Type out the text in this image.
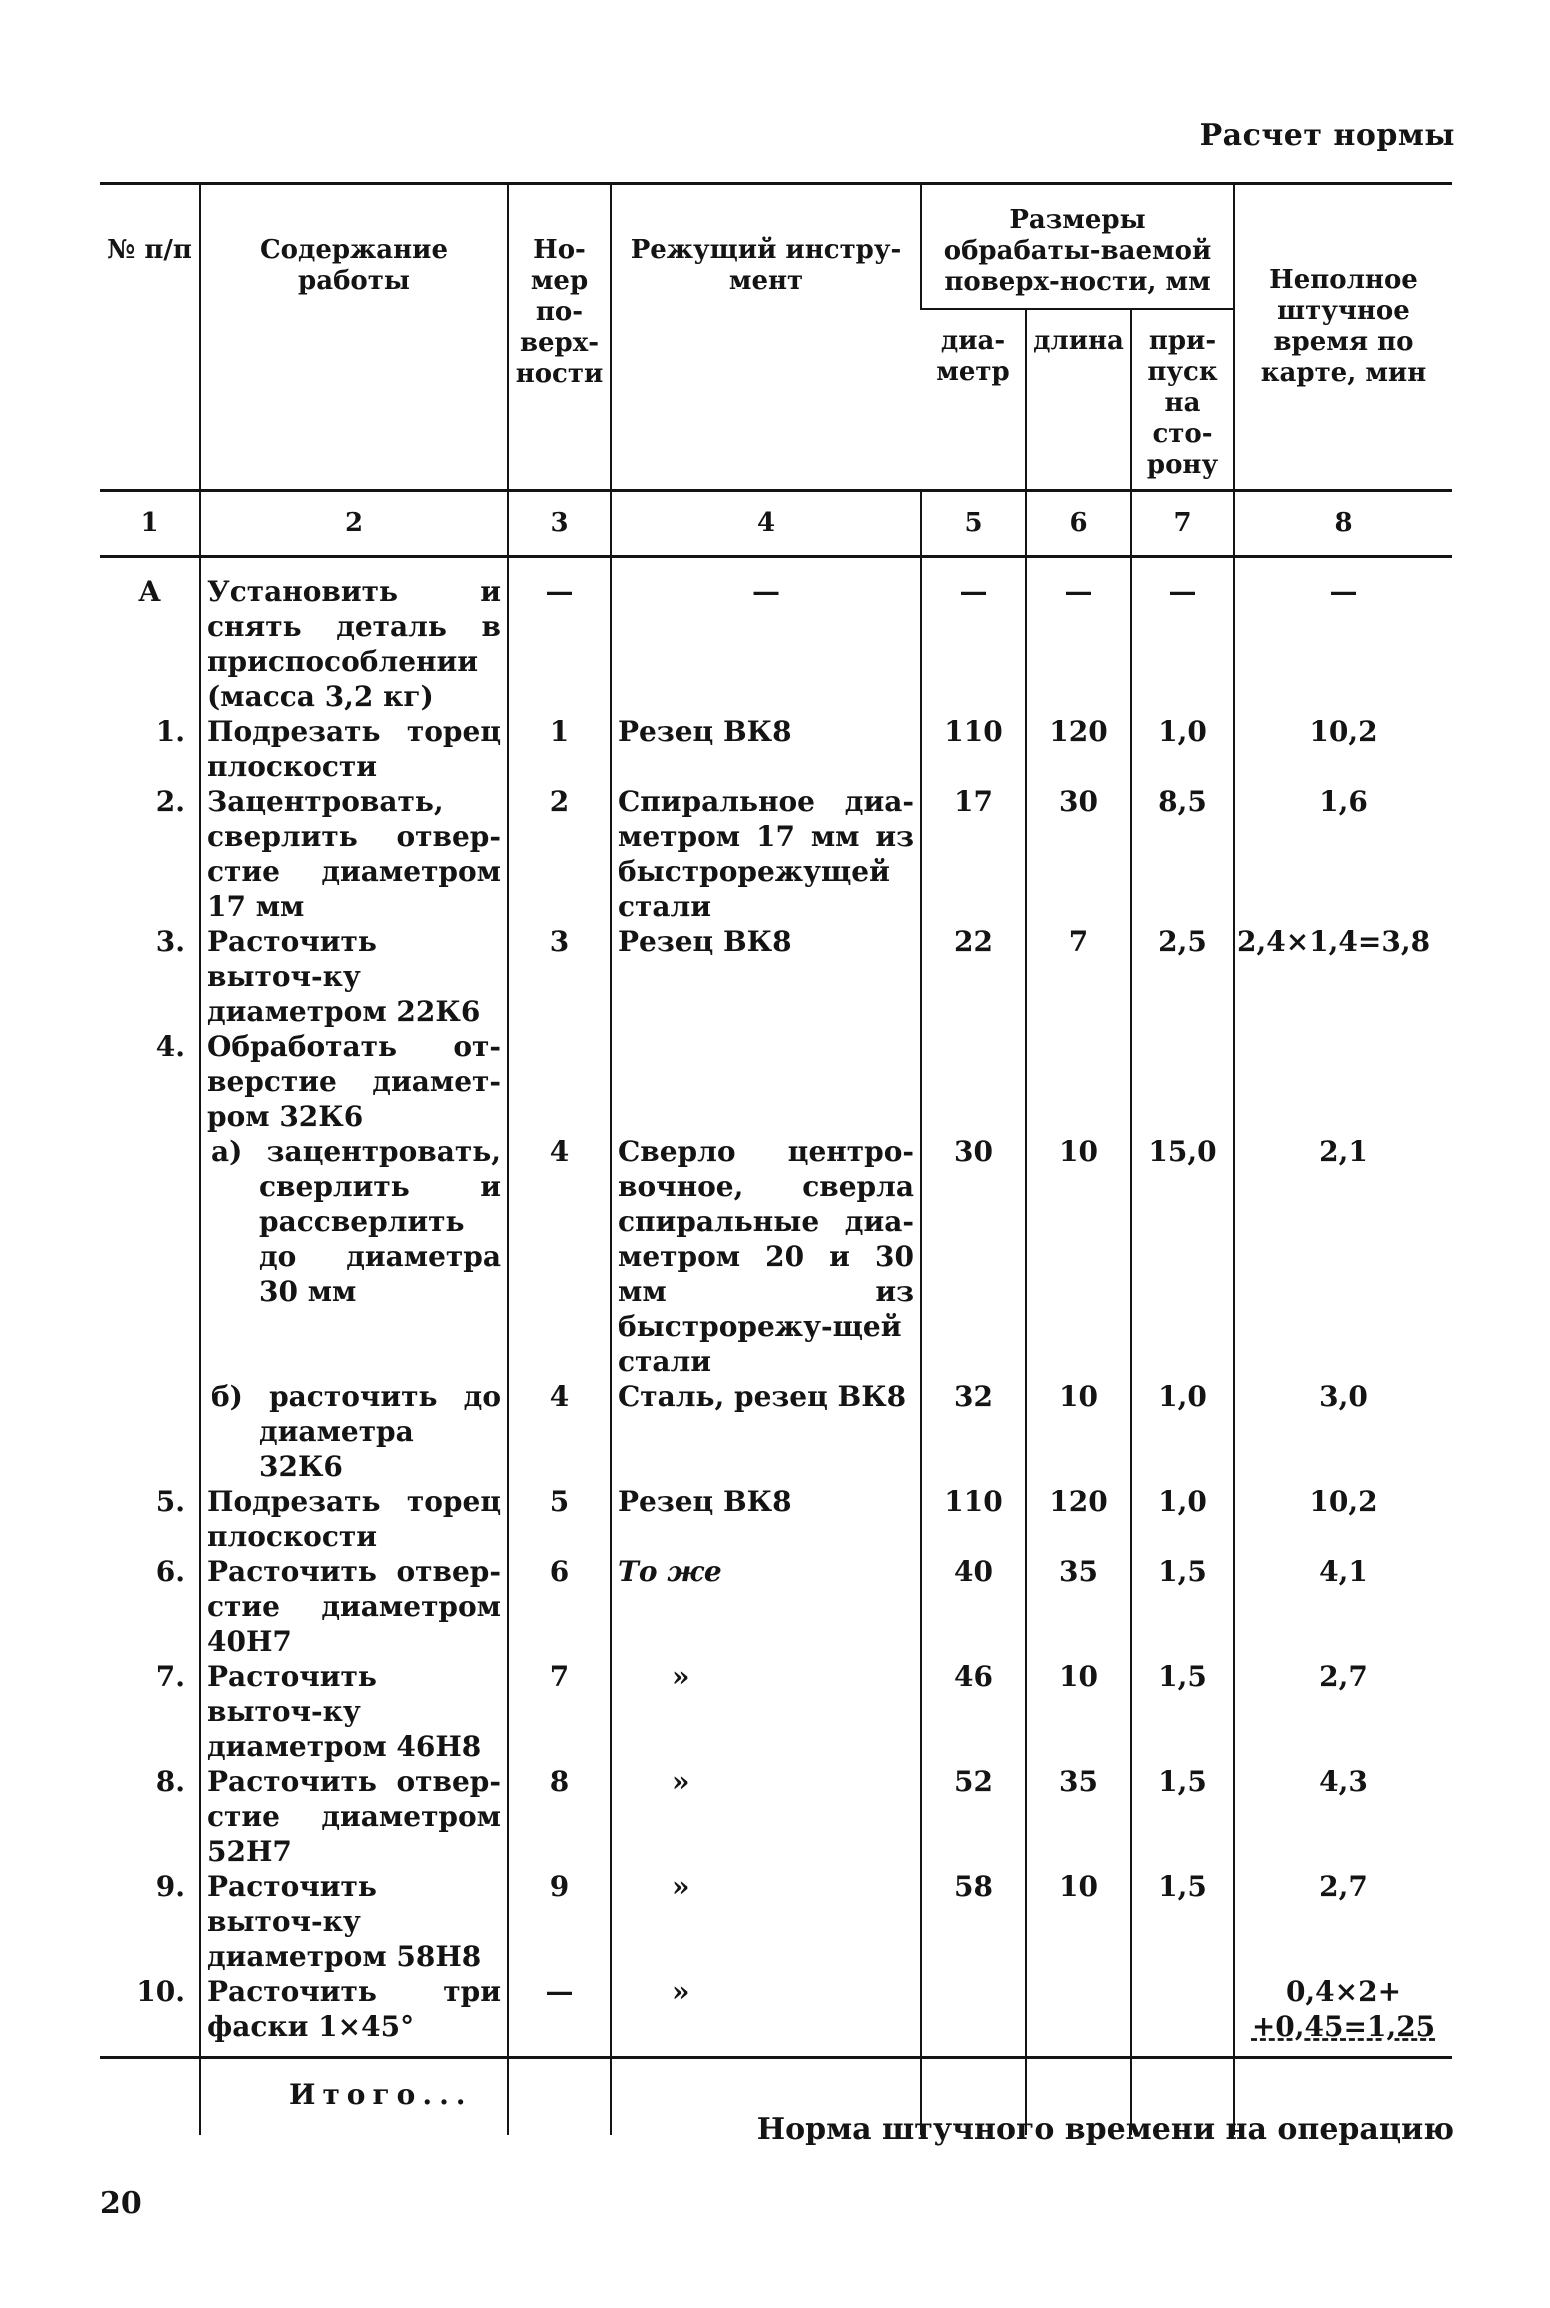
Расчет нормы
№ п/п	Содержание работы	Но-мер по-верх-ности	Режущий инстру-мент	Размеры обрабаты-ваемой поверх-ности, мм			Неполное штучное время по карте, мин
				диа-метр	длина	при-пуск на сто-рону	
1	2	3	4	5	6	7	8
А	Установить и снять деталь в приспособлении (масса 3,2 кг)	—	—	—	—	—	—
1.	Подрезать торец плоскости	1	Резец ВК8	110	120	1,0	10,2
2.	Зацентровать, сверлить отвер-стие диаметром 17 мм	2	Спиральное диа-метром 17 мм из быстрорежущей стали	17	30	8,5	1,6
3.	Расточить выточ-ку диаметром 22К6	3	Резец ВК8	22	7	2,5	2,4×1,4=3,8
4.	Обработать от-верстие диамет-ром 32К6						

	а) зацентровать, сверлить и рассверлить до диаметра 30 мм	4	Сверло центро-вочное, сверла спиральные диа-метром 20 и 30 мм из быстрорежу-щей стали	30	10	15,0	2,1

	б) расточить до диаметра 32К6	4	Сталь, резец ВК8	32	10	1,0	3,0
5.	Подрезать торец плоскости	5	Резец ВК8	110	120	1,0	10,2
6.	Расточить отвер-стие диаметром 40Н7	6	То же	40	35	1,5	4,1
7.	Расточить выточ-ку диаметром 46Н8	7	»	46	10	1,5	2,7
8.	Расточить отвер-стие диаметром 52Н7	8	»	52	35	1,5	4,3
9.	Расточить выточ-ку диаметром 58Н8	9	»	58	10	1,5	2,7
10.	Расточить три фаски 1×45°	—	»				0,4×2+
+0,45=1,25

	Итого...						
Норма штучного времени на операцию
20
